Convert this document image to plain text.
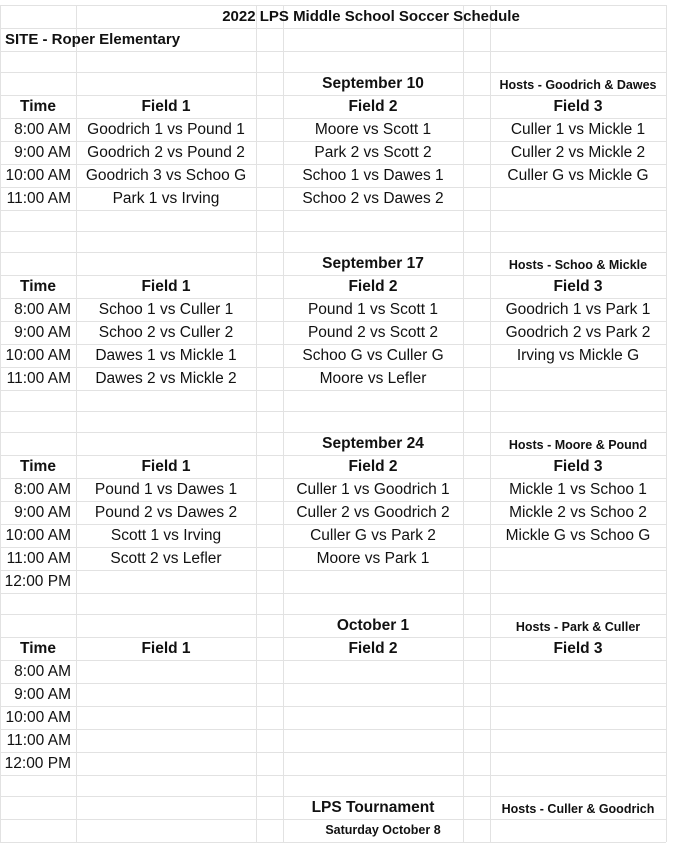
2022 LPS Middle School Soccer Schedule
SITE - Roper Elementary
September 10	Hosts - Goodrich & Dawes
Time	Field 1	Field 2	Field 3
8:00 AM	Goodrich 1 vs Pound 1	Moore vs Scott 1	Culler 1 vs Mickle 1
9:00 AM	Goodrich 2 vs Pound 2	Park 2 vs Scott 2	Culler 2 vs Mickle 2
10:00 AM Goodrich 3 vs Schoo G	Schoo 1 vs Dawes 1	Culler G vs Mickle G
11:00 AM	Park 1 vs Irving	Schoo 2 vs Dawes 2
September 17	Hosts - Schoo & Mickle
Time	Field 1	Field 2	Field 3
8:00 AM	Schoo 1 vs Culler 1	Pound 1 vs Scott 1	Goodrich 1 vs Park 1
9:00 AM	Schoo 2 vs Culler 2	Pound 2 vs Scott 2	Goodrich 2 vs Park 2
10:00 AM	Dawes 1 vs Mickle 1	Schoo G vs Culler G	Irving vs Mickle G
11:00 AM	Dawes 2 vs Mickle 2	Moore vs Lefler
September 24	Hosts - Moore & Pound
Time	Field 1	Field 2	Field 3
8:00 AM	Pound 1 vs Dawes 1	Culler 1 vs Goodrich 1	Mickle 1 vs Schoo 1
9:00 AM	Pound 2 vs Dawes 2	Culler 2 vs Goodrich 2	Mickle 2 vs Schoo 2
10:00 AM	Scott 1 vs Irving	Culler G vs Park 2	Mickle G vs Schoo G
11:00 AM	Scott 2 vs Lefler	Moore vs Park 1
12:00 PM
October 1	Hosts - Park & Culler
Time	Field 1	Field 2	Field 3
8:00 AM
9:00 AM
10:00 AM
11:00 AM
12:00 PM
LPS Tournament	Hosts - Culler & Goodrich
Saturday October 8
